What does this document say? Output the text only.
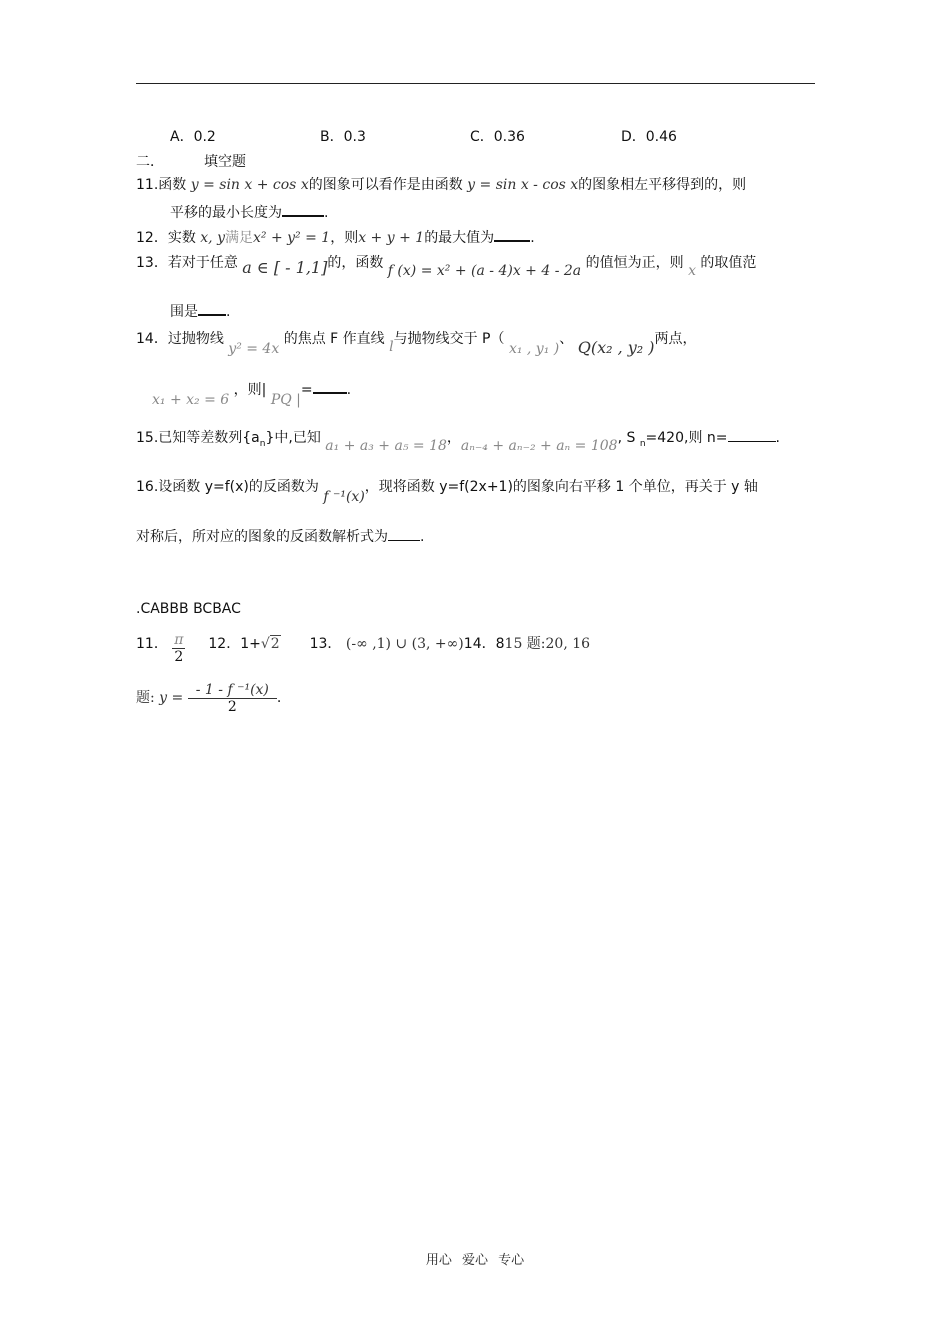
A．0.2	B．0.3	C．0.36	D．0.46
二．	填空题
11.函数 y = sin x + cos x的图象可以看作是由函数 y = sin x - cos x的图象相左平移得到的，则
平移的最小长度为	.
12．实数 x, y满足x² + y² = 1，则x + y + 1的最大值为	.
13．若对于任意 a ∈ [ - 1,1]的，函数 f (x) = x² + (a - 4)x + 4 - 2a 的值恒为正，则 x 的取值范
围是 .
14．过抛物线 y² = 4x 的焦点 F 作直线 l与抛物线交于 P（ x₁ , y₁ )、 Q(x₂ , y₂ )两点，
x₁ + x₂ = 6 ，则| PQ |= .
15.已知等差数列$\{a_n\}$中,已知 a₁ + a₃ + a₅ = 18，aₙ₋₄ + aₙ₋₂ + aₙ = 108, S $_n$=420,则 n=	.
16.设函数 y=f(x)的反函数为 f ⁻¹(x)，现将函数 y=f(2x+1)的图象向右平移 1 个单位，再关于 y 轴
对称后，所对应的图象的反函数解析式为 .
.CABBB BCBAC
11． $\frac{\pi}{2} 12$．1+√2 13． (-∞ ,1) ∪ (3, +∞)14．815 题:20, 16
题: $y = \frac{\text{- 1 - f ⁻¹(x)}}{2}$ .
用心 爱心 专心
